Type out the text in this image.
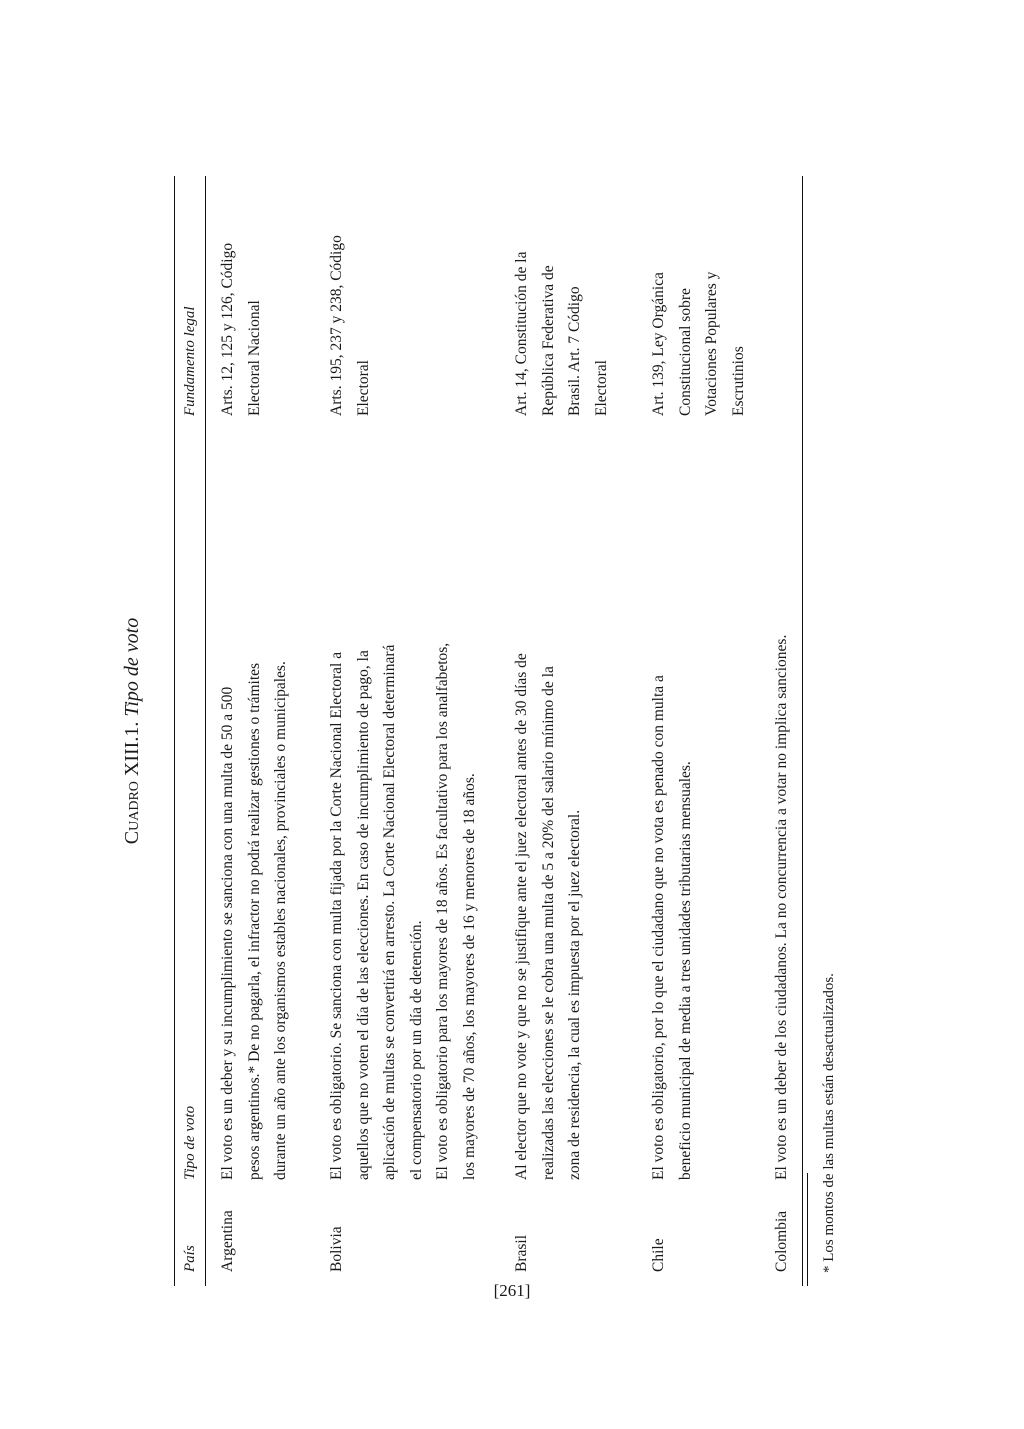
Cuadro XIII.1. Tipo de voto
País
Tipo de voto
Fundamento legal
Argentina
El voto es un deber y su incumplimiento se sanciona con una multa de 50 a 500 pesos argentinos.* De no pagarla, el infractor no podrá realizar gestiones o trámites durante un año ante los organismos estables nacionales, provinciales o municipales.
Arts. 12, 125 y 126, Código Electoral Nacional
Bolivia
El voto es obligatorio. Se sanciona con multa fijada por la Corte Nacional Electoral a aquellos que no voten el día de las elecciones. En caso de incumplimiento de pago, la aplicación de multas se convertirá en arresto. La Corte Nacional Electoral determinará el compensatorio por un día de detención. El voto es obligatorio para los mayores de 18 años. Es facultativo para los analfabetos, los mayores de 70 años, los mayores de 16 y menores de 18 años.
Arts. 195, 237 y 238, Código Electoral
Brasil
Al elector que no vote y que no se justifique ante el juez electoral antes de 30 días de realizadas las elecciones se le cobra una multa de 5 a 20% del salario mínimo de la zona de residencia, la cual es impuesta por el juez electoral.
Art. 14, Constitución de la República Federativa de Brasil. Art. 7 Código Electoral
Chile
El voto es obligatorio, por lo que el ciudadano que no vota es penado con multa a beneficio municipal de media a tres unidades tributarias mensuales.
Art. 139, Ley Orgánica Constitucional sobre Votaciones Populares y Escrutinios
Colombia
El voto es un deber de los ciudadanos. La no concurrencia a votar no implica sanciones.	* Los montos de las multas están desactualizados.
[261]
